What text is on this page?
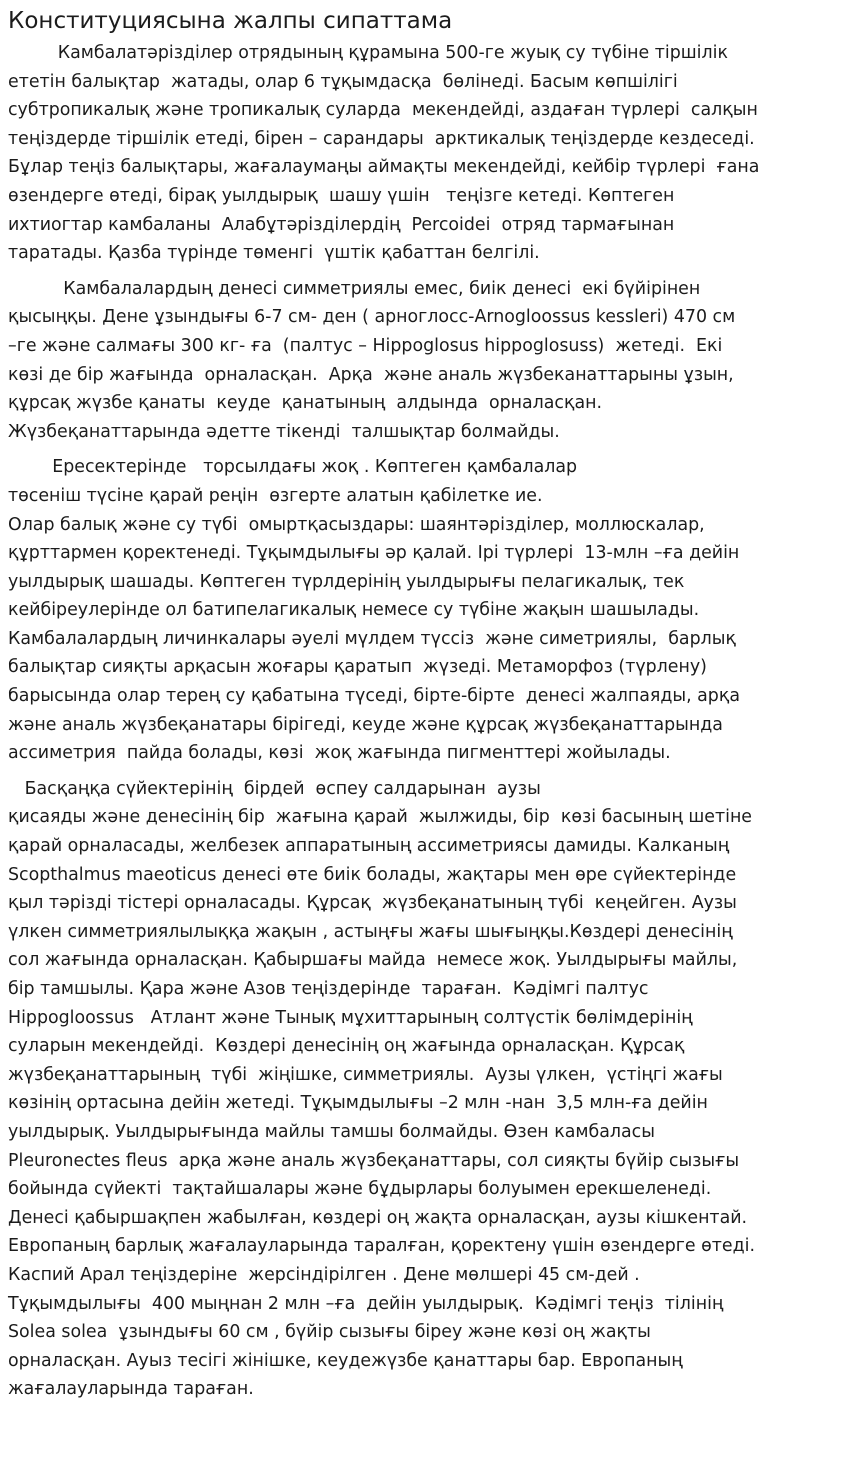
Конституциясына жалпы сипаттама
Камбалатәрізділер отрядының құрамына 500-ге жуық су түбіне тіршілік
ететін балықтар  жатады, олар 6 тұқымдасқа  бөлінеді. Басым көпшілігі
субтропикалық және тропикалық суларда  мекендейді, аздаған түрлері  салқын
теңіздерде тіршілік етеді, бірен – сарандары  арктикалық теңіздерде кездеседі.
Бұлар теңіз балықтары, жағалаумаңы аймақты мекендейді, кейбір түрлері  ғана
өзендерге өтеді, бірақ уылдырық  шашу үшін   теңізге кетеді. Көптеген
ихтиогтар камбаланы  Алабұтәрізділердің  Percoidei  отряд тармағынан
таратады. Қазба түрінде төменгі  үштік қабаттан белгілі.
Камбалалардың денесі симметриялы емес, биік денесі  екі бүйірінен
қысыңқы. Дене ұзындығы 6-7 см- ден ( арноглосс-Arnogloossus kessleri) 470 см
–ге және салмағы 300 кг- ға  (палтус – Hippoglosus hippoglosuss)  жетеді.  Екі
көзі де бір жағында  орналасқан.  Арқа  және аналь жүзбеканаттарыны ұзын,
құрсақ жүзбе қанаты  кеуде  қанатының  алдында  орналасқан.
Жүзбеқанаттарында әдетте тікенді  талшықтар болмайды.
Ересектерінде   торсылдағы жоқ . Көптеген қамбалалар
төсеніш түсіне қарай реңін  өзгерте алатын қабілетке ие.
Олар балық және су түбі  омыртқасыздары: шаянтәрізділер, моллюскалар,
құрттармен қоректенеді. Тұқымдылығы әр қалай. Ірі түрлері  13-млн –ға дейін
уылдырық шашады. Көптеген түрлдерінің уылдырығы пелагикалық, тек
кейбіреулерінде ол батипелагикалық немесе су түбіне жақын шашылады.
Камбалалардың личинкалары әуелі мүлдем түссіз  және симетриялы,  барлық
балықтар сияқты арқасын жоғары қаратып  жүзеді. Метаморфоз (түрлену)
барысында олар терең су қабатына түседі, бірте-бірте  денесі жалпаяды, арқа
және аналь жүзбеқанатары бірігеді, кеуде және құрсақ жүзбеқанаттарында
ассиметрия  пайда болады, көзі  жоқ жағында пигменттері жойылады.
Басқаңқа сүйектерінің  бірдей  өспеу салдарынан  аузы
қисаяды және денесінің бір  жағына қарай  жылжиды, бір  көзі басының шетіне
қарай орналасады, желбезек аппаратының ассиметриясы дамиды. Калканың
Scopthalmus maeoticus денесі өте биік болады, жақтары мен өре сүйектерінде
қыл тәрізді тістері орналасады. Құрсақ  жүзбеқанатының түбі  кеңейген. Аузы
үлкен симметриялылыққа жақын , астыңғы жағы шығыңқы.Көздері денесінің
сол жағында орналасқан. Қабыршағы майда  немесе жоқ. Уылдырығы майлы,
бір тамшылы. Қара және Азов теңіздерінде  тараған.  Кәдімгі палтус
Hippogloossus   Атлант және Тынық мұхиттарының солтүстік бөлімдерінің
суларын мекендейді.  Көздері денесінің оң жағында орналасқан. Құрсақ
жүзбеқанаттарының  түбі  жіңішке, симметриялы.  Аузы үлкен,  үстіңгі жағы
көзінің ортасына дейін жетеді. Тұқымдылығы –2 млн -нан  3,5 млн-ға дейін
уылдырық. Уылдырығында майлы тамшы болмайды. Өзен камбаласы
Pleuronectes fleus  арқа және аналь жүзбеқанаттары, сол сияқты бүйір сызығы
бойында сүйекті  тақтайшалары және бұдырлары болуымен ерекшеленеді.
Денесі қабыршақпен жабылған, көздері оң жақта орналасқан, аузы кішкентай.
Европаның барлық жағалауларында таралған, қоректену үшін өзендерге өтеді.
Каспий Арал теңіздеріне  жерсіндірілген . Дене мөлшері 45 см-дей .
Тұқымдылығы  400 мыңнан 2 млн –ға  дейін уылдырық.  Кәдімгі теңіз  тілінің
Solea solea  ұзындығы 60 см , бүйір сызығы біреу және көзі оң жақты
орналасқан. Ауыз тесігі жінішке, кеудежүзбе қанаттары бар. Европаның
жағалауларында тараған.
